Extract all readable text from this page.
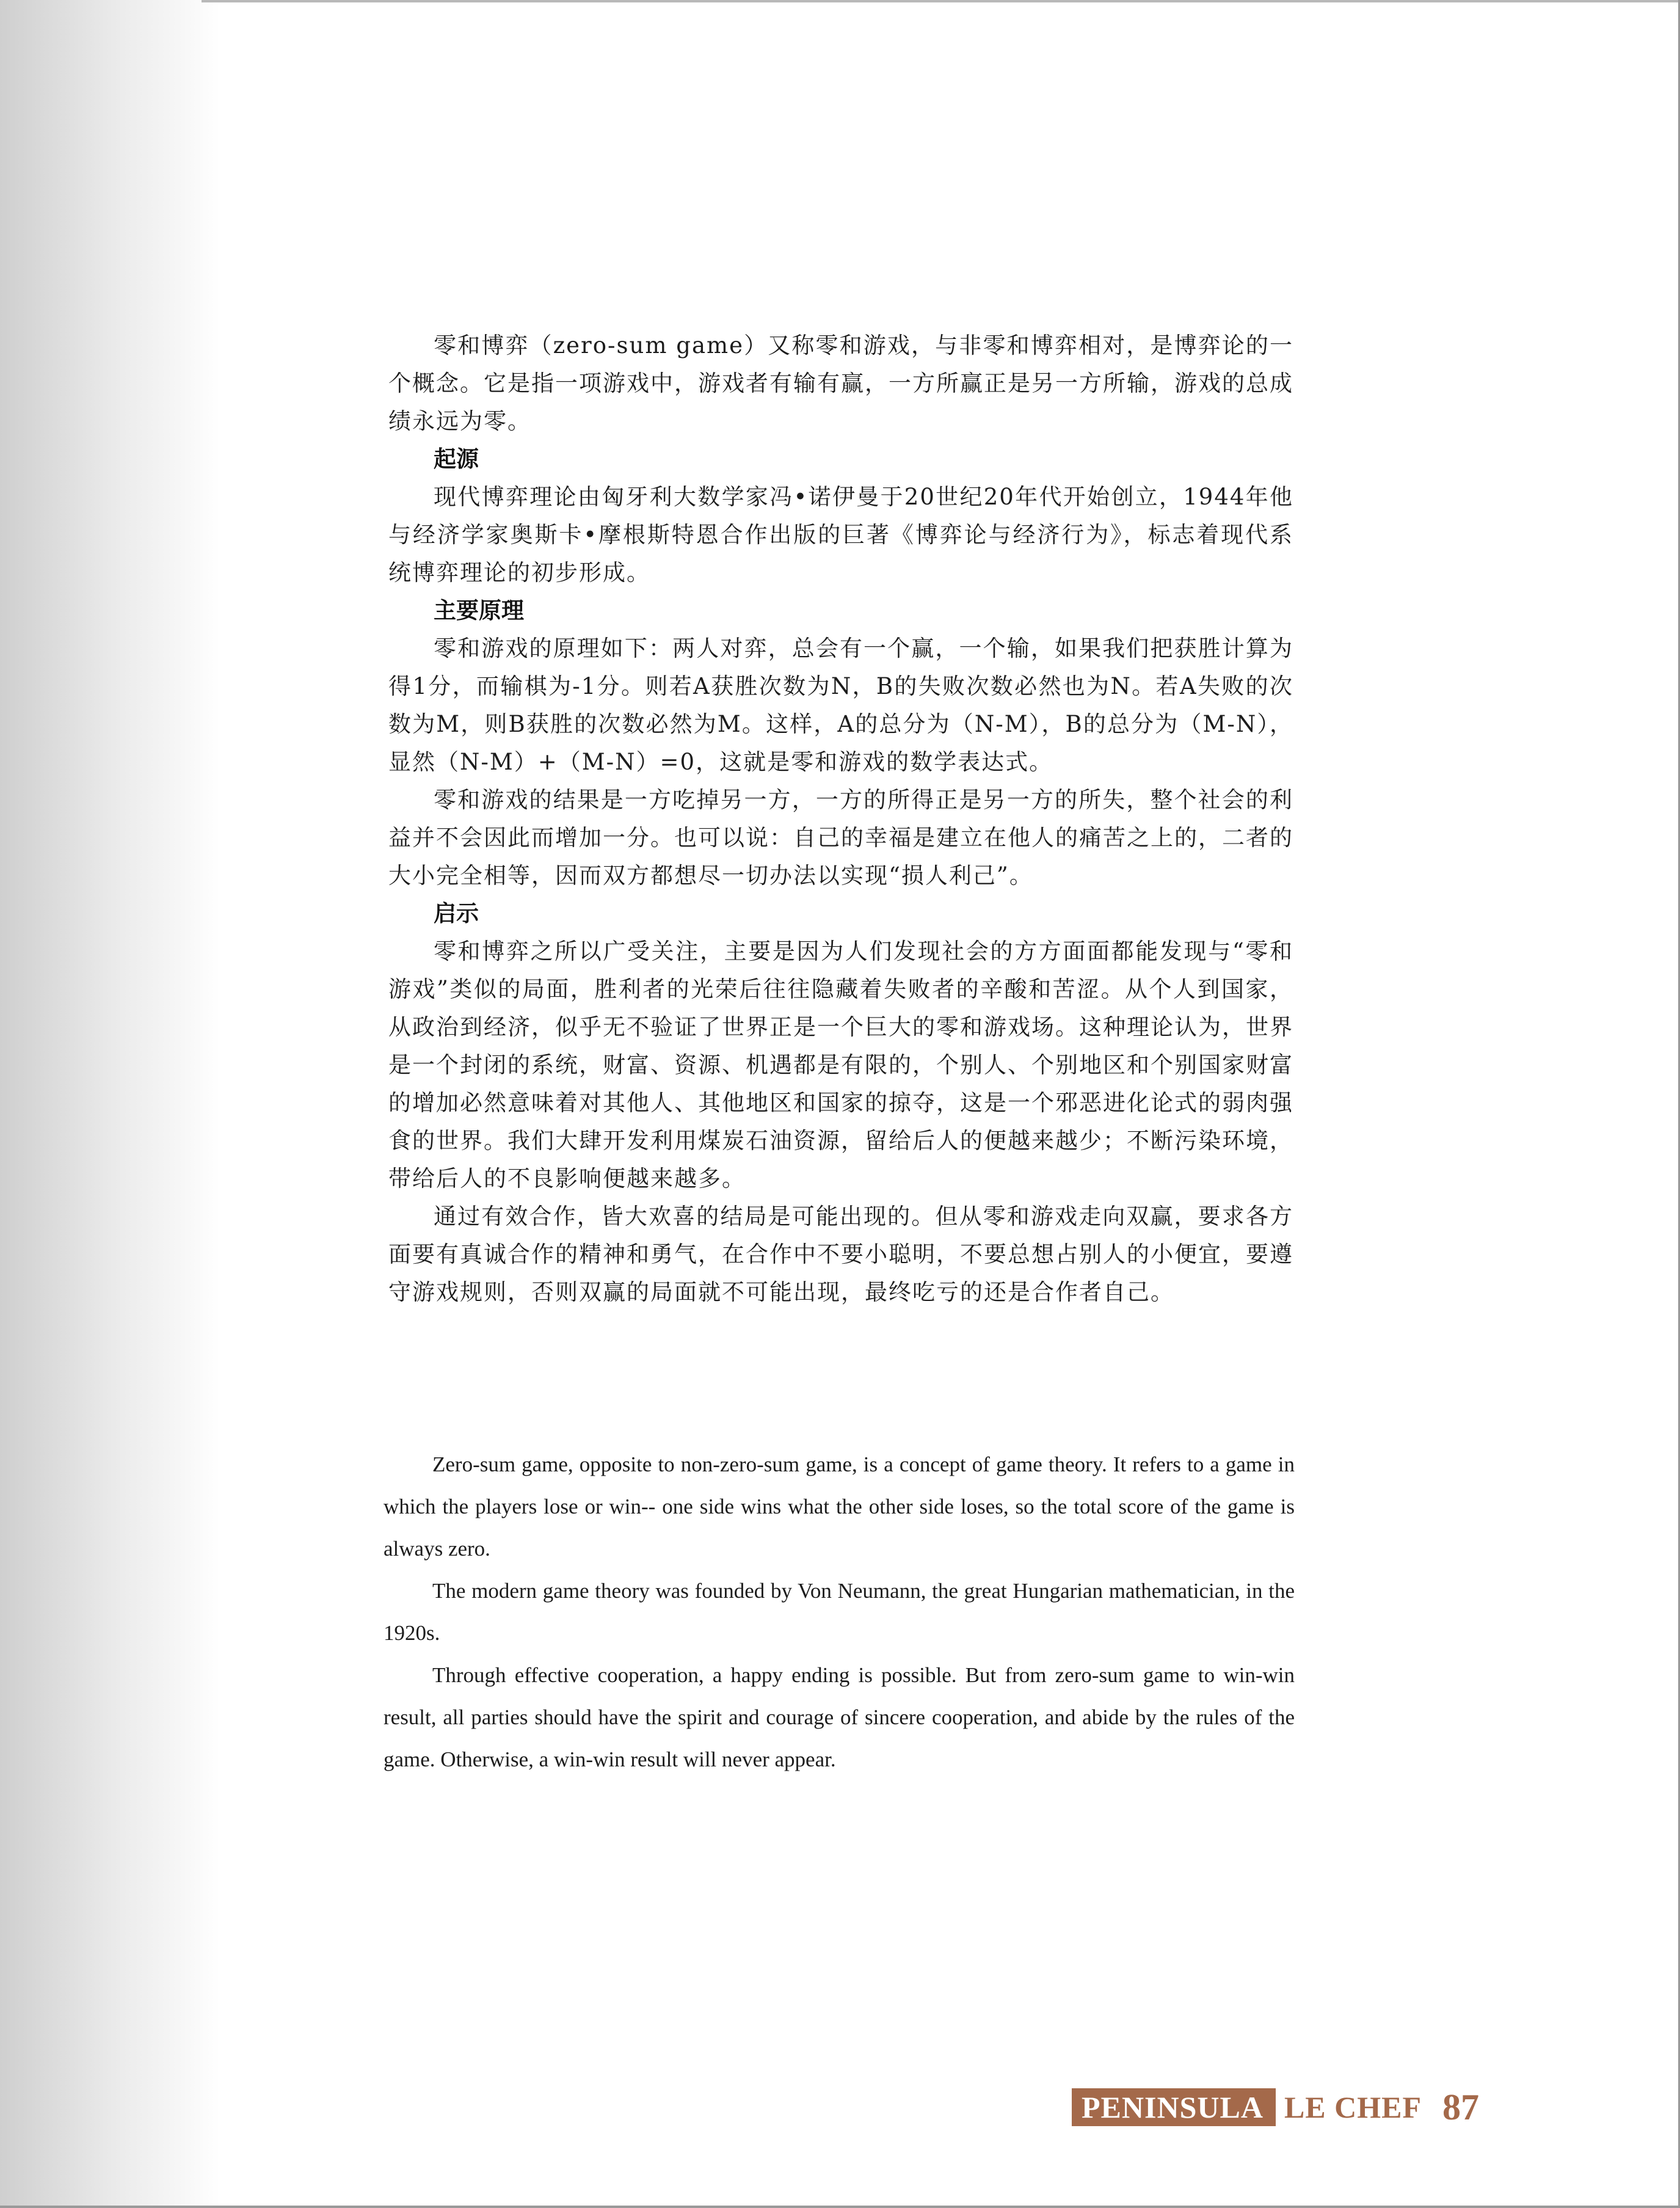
零和博弈（zero-sum game）又称零和游戏，与非零和博弈相对，是博弈论的一个概念。它是指一项游戏中，游戏者有输有赢，一方所赢正是另一方所输，游戏的总成绩永远为零。

起源

现代博弈理论由匈牙利大数学家冯•诺伊曼于20世纪20年代开始创立，1944年他与经济学家奥斯卡•摩根斯特恩合作出版的巨著《博弈论与经济行为》，标志着现代系统博弈理论的初步形成。

主要原理

零和游戏的原理如下：两人对弈，总会有一个赢，一个输，如果我们把获胜计算为得1分，而输棋为-1分。则若A获胜次数为N，B的失败次数必然也为N。若A失败的次数为M，则B获胜的次数必然为M。这样，A的总分为（N-M），B的总分为（M-N），显然（N-M）+（M-N）=0，这就是零和游戏的数学表达式。

零和游戏的结果是一方吃掉另一方，一方的所得正是另一方的所失，整个社会的利益并不会因此而增加一分。也可以说：自己的幸福是建立在他人的痛苦之上的，二者的大小完全相等，因而双方都想尽一切办法以实现“损人利己”。

启示

零和博弈之所以广受关注，主要是因为人们发现社会的方方面面都能发现与“零和游戏”类似的局面，胜利者的光荣后往往隐藏着失败者的辛酸和苦涩。从个人到国家，从政治到经济，似乎无不验证了世界正是一个巨大的零和游戏场。这种理论认为，世界是一个封闭的系统，财富、资源、机遇都是有限的，个别人、个别地区和个别国家财富的增加必然意味着对其他人、其他地区和国家的掠夺，这是一个邪恶进化论式的弱肉强食的世界。我们大肆开发利用煤炭石油资源，留给后人的便越来越少；不断污染环境，带给后人的不良影响便越来越多。

通过有效合作，皆大欢喜的结局是可能出现的。但从零和游戏走向双赢，要求各方面要有真诚合作的精神和勇气，在合作中不要小聪明，不要总想占别人的小便宜，要遵守游戏规则，否则双赢的局面就不可能出现，最终吃亏的还是合作者自己。

Zero-sum game, opposite to non-zero-sum game, is a concept of game theory. It refers to a game in which the players lose or win-- one side wins what the other side loses, so the total score of the game is always zero.

The modern game theory was founded by Von Neumann, the great Hungarian mathematician, in the 1920s.

Through effective cooperation, a happy ending is possible. But from zero-sum game to win-win result, all parties should have the spirit and courage of sincere cooperation, and abide by the rules of the game. Otherwise, a win-win result will never appear.

PENINSULA LE CHEF 87
